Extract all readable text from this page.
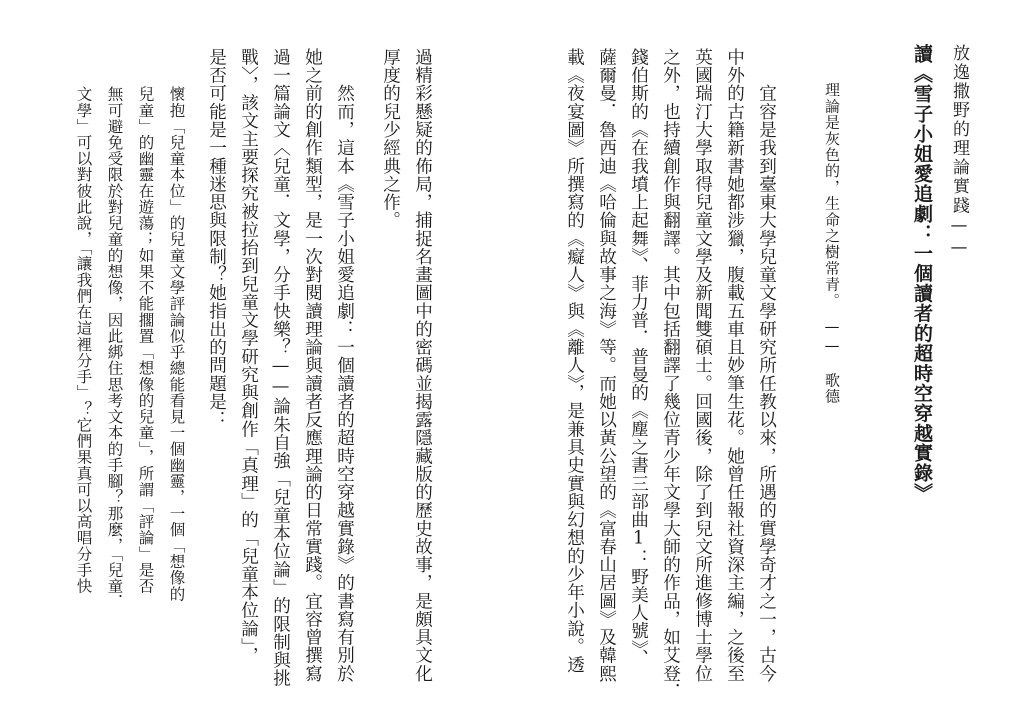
放逸撒野的理論實踐——
讀《雪子小姐愛追劇：一個讀者的超時空穿越實錄》
理論是灰色的，生命之樹常青。　——　歌德
　　宜容是我到臺東大學兒童文學研究所任教以來，所遇的實學奇才之一，古今
中外的古籍新書她都涉獵，腹載五車且妙筆生花。她曾任報社資深主編，之後至
英國瑞汀大學取得兒童文學及新聞雙碩士。回國後，除了到兒文所進修博士學位
之外，也持續創作與翻譯。其中包括翻譯了幾位青少年文學大師的作品，如艾登．
錢伯斯的《在我墳上起舞》、菲力普．普曼的《塵之書三部曲1：野美人號》、
薩爾曼．魯西迪《哈倫與故事之海》等。而她以黃公望的《富春山居圖》及韓熙
載《夜宴圖》所撰寫的《癡人》與《離人》，是兼具史實與幻想的少年小說。透
過精彩懸疑的佈局，捕捉名畫圖中的密碼並揭露隱藏版的歷史故事，是頗具文化
厚度的兒少經典之作。
　　然而，這本《雪子小姐愛追劇：一個讀者的超時空穿越實錄》的書寫有別於
她之前的創作類型，是一次對閱讀理論與讀者反應理論的日常實踐。宜容曾撰寫
過一篇論文〈兒童．文學，分手快樂？——論朱自強「兒童本位論」的限制與挑
戰〉，該文主要探究被拉抬到兒童文學研究與創作「真理」的「兒童本位論」，
是否可能是一種迷思與限制？她指出的問題是：
懷抱「兒童本位」的兒童文學評論似乎總能看見一個幽靈，一個「想像的
兒童」的幽靈在遊蕩；如果不能擱置「想像的兒童」，所謂「評論」是否
無可避免受限於對兒童的想像，因此綁住思考文本的手腳？那麼，「兒童．
文學」可以對彼此說，「讓我們在這裡分手」？它們果真可以高唱分手快
